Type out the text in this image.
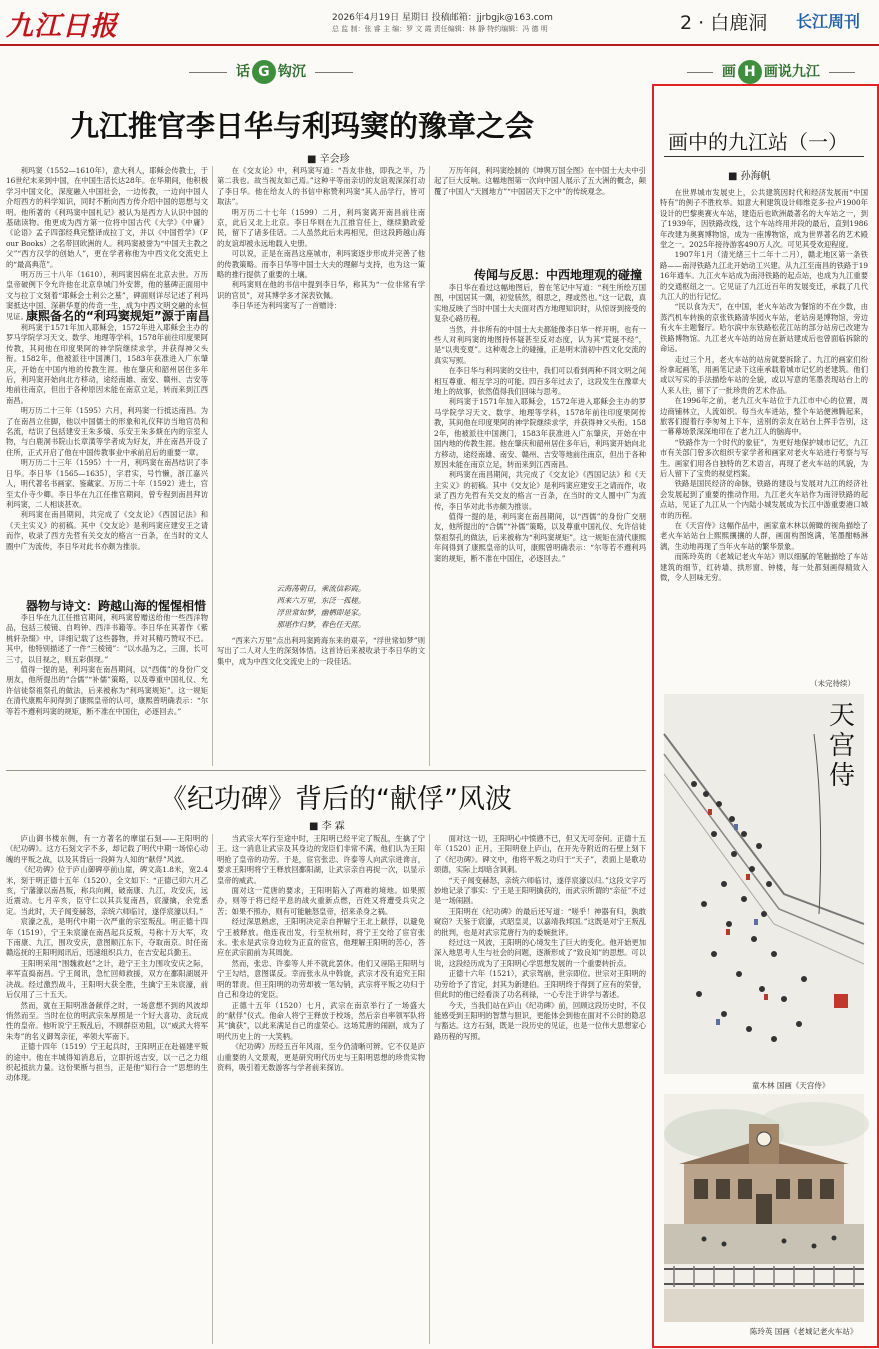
九江日报	2026年4月19日 星期日 投稿邮箱：jjrbgjk@163.com
总 监 制：张 睿 主 编：罗 文 霞 责任编辑：林 静 特约编辑：冯 德 明	2 · 白鹿洞 长江周刊
话 G 钩沉
九江推官李日华与利玛窦的豫章之会
■ 辛会珍

利玛窦（1552—1610年），意大利人，耶稣会传教士，于16世纪末来到中国，在中国生活长达28年。在华期间，他积极学习中国文化，深度融入中国社会，一边传教，一边向中国人介绍西方的科学知识，同时不断向西方传介绍中国的思想与文明。他所著的《利玛窦中国札记》被认为是西方人认识中国的基础读物。他更成为西方第一位将中国古代《大学》《中庸》《论语》孟子四部经典完整译成拉丁文，并以《中国哲学》（Four Books）之名带回欧洲的人。利玛窦被誉为“中国天主教之父”“西方汉学的创始人”，更在学者称他为中西文化交流史上的“最高典范”。

明万历三十八年（1610），利玛窦因病在北京去世。万历皇帝破例下令允许他在北京阜城门外安葬，他的墓碑正面用中文与拉丁文刻着“耶稣会士利公之墓”，碑面则详尽记述了利玛窦抵达中国、深耕华夏的传奇一生，成为中西文明交融的永恒见证。

康熙备名的“利玛窦规矩”源于南昌

利玛窦于1571年加入耶稣会，1572年进入耶稣会主办的罗马学院学习天文、数学、地理等学科，1578年前往印度果阿传教，其间他在印度果阿的神学院继续求学，并获得神父头衔。1582年，他被派往中国澳门，1583年获准进入广东肇庆，开始在中国内地的传教生涯。他在肇庆和韶州居住多年后，利玛窦开始向北方移动，途经南雄、南安、赣州、吉安等地前往南京，但出于各种原因未能在南京立足，转而来到江西南昌。

明万历二十三年（1595）六月，利玛窦一行抵达南昌。为了在南昌立住脚，他以中国儒士的形象和礼仪拜访当地官员和名流，结识了包括建安王朱多熵、乐安王朱多焿在内的宗室人物，与白鹿洞书院山长章潢等学者成为好友，并在南昌开设了住所，正式开启了他在中国传教事业中承前启后的重要一章。

明万历二十三年（1595）十一月，利玛窦在南昌结识了李日华。李日华（1565—1635），字君实，号竹懒，浙江嘉兴人，明代著名书画家、鉴藏家。万历二十年（1592）进士，官至太仆寺少卿。李日华在九江任推官期间，曾专程到南昌拜访利玛窦，二人相谈甚欢。

利玛窦在南昌期间，共完成了《交友论》《西国记法》和《天主实义》的初稿。其中《交友论》是利玛窦应建安王之请而作，收录了西方先哲有关交友的格言一百条，在当时的文人圈中广为流传，李日华对此书亦颇为推崇。

器物与诗文：跨越山海的惺惺相惜

李日华在九江任推官期间，利玛窦曾赠送给他一些西洋物品，包括三棱镜、自鸣钟、西洋书籍等。李日华在其著作《紫桃轩杂缀》中，详细记载了这些器物，并对其精巧赞叹不已。其中，他特别描述了一件“三棱镜”：“以水晶为之，三面，长可三寸，以目视之，则五彩俱现。”

值得一提的是，利玛窦在南昌期间，以“西儒”的身份广交朋友，他所提出的“合儒”“补儒”策略，以及尊重中国礼仪、允许信徒祭祖祭孔的做法，后来被称为“利玛窦规矩”。这一规矩在清代康熙年间得到了康熙皇帝的认可，康熙曾明确表示：“尔等若不遵利玛窦的规矩，断不准在中国住，必逐回去。”

在《交友论》中，利玛窦写道：“吾友非他，即我之半，乃第二我也。故当视友如己焉。”这种平等而亲切的友谊观深深打动了李日华。他在给友人的书信中称赞利玛窦“其人品学行，皆可取法”。

明万历二十七年（1599）二月，利玛窦离开南昌前往南京，此后又北上北京。李日华则在九江推官任上，继续勤政爱民，留下了诸多佳话。二人虽然此后未再相见，但这段跨越山海的友谊却被永远地载入史册。

可以说，正是在南昌这座城市，利玛窦逐步形成并完善了他的传教策略。而李日华等中国士大夫的理解与支持，也为这一策略的推行提供了重要的土壤。

利玛窦则在他的书信中提到李日华，称其为“一位非常有学识的官员”，对其博学多才深表钦佩。

李日华还为利玛窦写了一首赠诗：

云海荡朝日，乘流信彩霞。
西来六万里，东泛一孤槎。
浮世常如梦，幽栖即是家。
那堪作归梦，春色任天涯。

“西来六万里”点出利玛窦跨海东来的艰辛，“浮世常如梦”则写出了二人对人生的深刻体悟。这首诗后来被收录于李日华的文集中，成为中西文化交流史上的一段佳话。

万历年间，利玛窦绘制的《坤舆万国全图》在中国士大夫中引起了巨大反响。这幅地图第一次向中国人展示了五大洲的概念，颠覆了中国人“天圆地方”“中国居天下之中”的传统观念。

传闻与反思：中西地理观的碰撞

李日华在看过这幅地图后，曾在笔记中写道：“利生所绘万国图，中国居其一隅，初觉骇然，细思之，理或然也。”这一记载，真实地反映了当时中国士大夫面对西方地理知识时，从惊讶到接受的复杂心路历程。

当然，并非所有的中国士大夫都能像李日华一样开明。也有一些人对利玛窦的地图持怀疑甚至反对态度，认为其“荒诞不经”，是“以夷变夏”。这种观念上的碰撞，正是明末清初中西文化交流的真实写照。

在李日华与利玛窦的交往中，我们可以看到两种不同文明之间相互尊重、相互学习的可能。四百多年过去了，这段发生在豫章大地上的故事，依然值得我们回味与思考。

利玛窦于1571年加入耶稣会，1572年进入耶稣会主办的罗马学院学习天文、数学、地理等学科，1578年前往印度果阿传教，其间他在印度果阿的神学院继续求学，并获得神父头衔。1582年，他被派往中国澳门，1583年获准进入广东肇庆，开始在中国内地的传教生涯。他在肇庆和韶州居住多年后，利玛窦开始向北方移动，途经南雄、南安、赣州、吉安等地前往南京，但出于各种原因未能在南京立足，转而来到江西南昌。

利玛窦在南昌期间，共完成了《交友论》《西国记法》和《天主实义》的初稿。其中《交友论》是利玛窦应建安王之请而作，收录了西方先哲有关交友的格言一百条，在当时的文人圈中广为流传，李日华对此书亦颇为推崇。

值得一提的是，利玛窦在南昌期间，以“西儒”的身份广交朋友，他所提出的“合儒”“补儒”策略，以及尊重中国礼仪、允许信徒祭祖祭孔的做法，后来被称为“利玛窦规矩”。这一规矩在清代康熙年间得到了康熙皇帝的认可，康熙曾明确表示：“尔等若不遵利玛窦的规矩，断不准在中国住，必逐回去。”

《纪功碑》背后的“献俘”风波
■ 李 霖

庐山御书楼东侧，有一方著名的摩崖石刻——王阳明的《纪功碑》。这方石刻文字不多，却记载了明代中期一场惊心动魄的平叛之战，以及其背后一段鲜为人知的“献俘”风波。

《纪功碑》位于庐山御碑亭前山崖，碑文高1.8米，宽2.4米，刻于明正德十五年（1520），全文如下：“正德己卯六月乙亥，宁藩濠以南昌叛，称兵向阙，破南康、九江，攻安庆，远近震动。七月辛亥，臣守仁以其兵复南昌，宸濠擒，余党悉定。当此时，天子闻变赫怒，亲统六师临讨，遂俘宸濠以归。”

宸濠之乱，是明代中期一次严重的宗室叛乱。明正德十四年（1519），宁王朱宸濠在南昌起兵反叛，号称十万大军，攻下南康、九江，围攻安庆，意图顺江东下，夺取南京。时任南赣巡抚的王阳明闻讯后，迅速组织兵力，在吉安起兵勤王。

王阳明采用“围魏救赵”之计，趁宁王主力围攻安庆之际，率军直捣南昌。宁王闻讯，急忙回师救援，双方在鄱阳湖展开决战。经过激烈战斗，王阳明大获全胜，生擒宁王朱宸濠，前后仅用了三十五天。

然而，就在王阳明准备献俘之时，一场意想不到的风波却悄然而至。当时在位的明武宗朱厚照是一个好大喜功、贪玩成性的皇帝。他听说宁王叛乱后，不顾群臣劝阻，以“威武大将军朱寿”的名义御驾亲征，率领大军南下。

正德十四年（1519）宁王起兵时，王阳明正在赴福建平叛的途中。他在丰城得知消息后，立即折返吉安，以一己之力组织起抵抗力量。这份果断与担当，正是他“知行合一”思想的生动体现。

当武宗大军行至途中时，王阳明已经平定了叛乱，生擒了宁王。这一消息让武宗及其身边的宠臣们非常不满，他们认为王阳明抢了皇帝的功劳。于是，宦官张忠、许泰等人向武宗进谗言，要求王阳明将宁王释放回鄱阳湖，让武宗亲自再捉一次，以显示皇帝的威武。

面对这一荒唐的要求，王阳明陷入了两难的境地。如果照办，则等于将已经平息的战火重新点燃，百姓又将遭受兵灾之苦；如果不照办，则有可能触怒皇帝，招来杀身之祸。

经过深思熟虑，王阳明决定亲自押解宁王北上献俘，以避免宁王被释放。他连夜出发，行至杭州时，将宁王交给了宦官张永。张永是武宗身边较为正直的宦官，他理解王阳明的苦心，答应在武宗面前为其周旋。

然而，张忠、许泰等人并不就此罢休。他们又诬陷王阳明与宁王勾结，意图谋反。幸而张永从中斡旋，武宗才没有追究王阳明的罪责。但王阳明的功劳却被一笔勾销，武宗将平叛之功归于自己和身边的宠臣。

正德十五年（1520）七月，武宗在南京举行了一场盛大的“献俘”仪式。他命人将宁王释放于校场，然后亲自率领军队将其“擒获”，以此来满足自己的虚荣心。这场荒唐的闹剧，成为了明代历史上的一大笑柄。

《纪功碑》历经五百年风雨，至今仍清晰可辨。它不仅是庐山重要的人文景观，更是研究明代历史与王阳明思想的珍贵实物资料，吸引着无数游客与学者前来探访。

面对这一切，王阳明心中愤懑不已，但又无可奈何。正德十五年（1520）正月，王阳明登上庐山，在开先寺附近的石壁上刻下了《纪功碑》。碑文中，他将平叛之功归于“天子”，表面上是歌功颂德，实际上却暗含讽刺。

“天子闻变赫怒，亲统六师临讨，遂俘宸濠以归。”这段文字巧妙地记录了事实：宁王是王阳明擒获的，而武宗所谓的“亲征”不过是一场闹剧。

王阳明在《纪功碑》的最后还写道：“嗟乎！神器有归，孰敢窥窃？天鉴于宸濠，式昭皇灵，以嘉靖我邦国。”这既是对宁王叛乱的批判，也是对武宗荒唐行为的委婉批评。

经过这一风波，王阳明的心境发生了巨大的变化。他开始更加深入地思考人生与社会的问题，逐渐形成了“致良知”的思想。可以说，这段经历成为了王阳明心学思想发展的一个重要转折点。

正德十六年（1521），武宗驾崩，世宗即位。世宗对王阳明的功劳给予了肯定，封其为新建伯。王阳明终于得到了应有的荣誉，但此时的他已经看淡了功名利禄，一心专注于讲学与著述。

今天，当我们站在庐山《纪功碑》前，回顾这段历史时，不仅能感受到王阳明的智慧与胆识，更能体会到他在面对不公时的隐忍与豁达。这方石刻，既是一段历史的见证，也是一位伟大思想家心路历程的写照。

画 H 画说九江
画中的九江站（一）
■ 孙海帆

在世界城市发展史上，公共建筑因时代和经济发展而“中国特有”的例子不胜枚举。如意大利建筑设计师维克多·拉卢1900年设计的巴黎奥赛火车站，建造后也欧洲最著名的大车站之一，到了1939年，因铁路改线，这个车站终用并段的最后，直到1986年改建为奥赛博物馆，成为一座博物馆，成为世界著名的艺术殿堂之一。2025年接待游客490万人次。可见其受欢迎程度。

1907年1月（清光绪三十二年十二月），赣北地区第一条铁路——南浔铁路九江北开始动工兴建。从九江至南昌的铁路于1916年通车。九江火车站成为南浔铁路的起点站，也成为九江重要的交通枢纽之一。它见证了九江近百年的发展变迁，承载了几代九江人的出行记忆。

“民以食为天”，在中国，老火车站改为餐馆的不在少数，由蒸汽机车转换的京张铁路清华园火车站，老站房是博物馆，旁边有火车主题餐厅。哈尔滨中东铁路松花江站的部分站房已改建为铁路博物馆。九江老火车站的站房在新站建成后也曾面临拆除的命运。

走过三个月，老火车站的站房就要拆除了。九江的画家们纷纷拿起画笔，用画笔记录下这座承载着城市记忆的老建筑。他们或以写实的手法描绘车站的全貌，或以写意的笔墨表现站台上的人来人往，留下了一批珍贵的艺术作品。

在1996年之前，老九江火车站位于九江市中心的位置，周边商铺林立，人流如织。每当火车进站，整个车站便沸腾起来，旅客们提着行李匆匆上下车，送别的亲友在站台上挥手告别，这一幕幕场景深深地印在了老九江人的脑海中。

“铁路作为一个时代的象征”，为更好地保护城市记忆，九江市有关部门曾多次组织专家学者和画家对老火车站进行考察与写生。画家们用各自独特的艺术语言，再现了老火车站的风貌，为后人留下了宝贵的视觉档案。

铁路是国民经济的命脉，铁路的建设与发展对九江的经济社会发展起到了重要的推动作用。九江老火车站作为南浔铁路的起点站，见证了九江从一个内陆小城发展成为长江中游重要港口城市的历程。

在《天宫侍》这幅作品中，画家童木林以俯瞰的视角描绘了老火车站站台上熙熙攘攘的人群，画面构图饱满，笔墨酣畅淋漓，生动地再现了当年火车站的繁华景象。

而陈玲英的《老城记老火车站》则以细腻的笔触描绘了车站建筑的细节，红砖墙、拱形窗、钟楼，每一处都刻画得精致入微，令人回味无穷。

（未完待续）
天宫侍
童木林 国画《天宫侍》
陈玲英 国画《老城记老火车站》
